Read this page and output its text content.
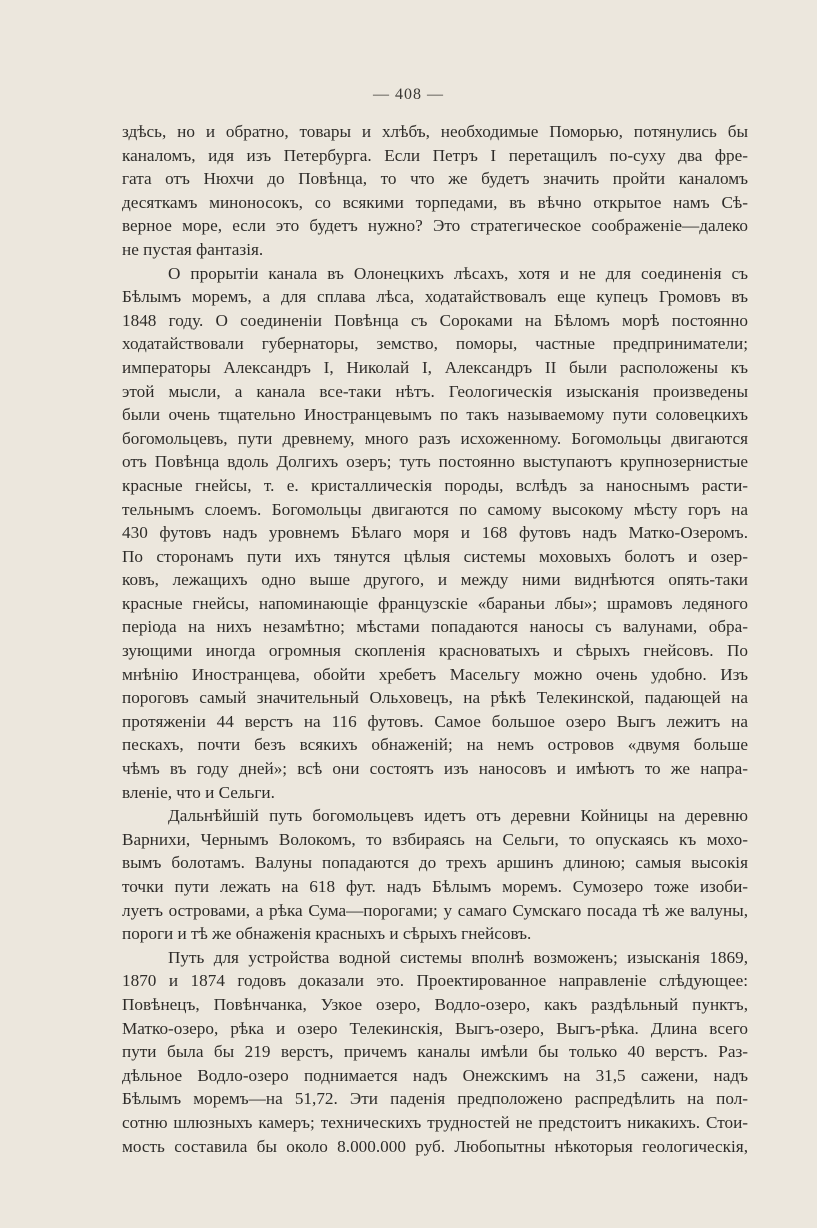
— 408 —
здѣсь, но и обратно, товары и хлѣбъ, необходимые Поморью, потянулись бы
каналомъ, идя изъ Петербурга. Если Петръ I перетащилъ по-суху два фре-
гата отъ Нюхчи до Повѣнца, то что же будетъ значить пройти каналомъ
десяткамъ миноносокъ, со всякими торпедами, въ вѣчно открытое намъ Сѣ-
верное море, если это будетъ нужно? Это стратегическое соображеніе—далеко
не пустая фантазія.
О прорытіи канала въ Олонецкихъ лѣсахъ, хотя и не для соединенія съ
Бѣлымъ моремъ, а для сплава лѣса, ходатайствовалъ еще купецъ Громовъ въ
1848 году. О соединеніи Повѣнца съ Сороками на Бѣломъ морѣ постоянно
ходатайствовали губернаторы, земство, поморы, частные предприниматели;
императоры Александръ I, Николай I, Александръ II были расположены къ
этой мысли, а канала все-таки нѣтъ. Геологическія изысканія произведены
были очень тщательно Иностранцевымъ по такъ называемому пути соловецкихъ
богомольцевъ, пути древнему, много разъ исхоженному. Богомольцы двигаются
отъ Повѣнца вдоль Долгихъ озеръ; туть постоянно выступаютъ крупнозернистые
красные гнейсы, т. е. кристаллическія породы, вслѣдъ за наноснымъ расти-
тельнымъ слоемъ. Богомольцы двигаются по самому высокому мѣсту горъ на
430 футовъ надъ уровнемъ Бѣлаго моря и 168 футовъ надъ Матко-Озеромъ.
По сторонамъ пути ихъ тянутся цѣлыя системы моховыхъ болотъ и озер-
ковъ, лежащихъ одно выше другого, и между ними виднѣются опять-таки
красные гнейсы, напоминающіе французскіе «бараньи лбы»; шрамовъ ледяного
періода на нихъ незамѣтно; мѣстами попадаются наносы съ валунами, обра-
зующими иногда огромныя скопленія красноватыхъ и сѣрыхъ гнейсовъ. По
мнѣнію Иностранцева, обойти хребетъ Масельгу можно очень удобно. Изъ
пороговъ самый значительный Ольховецъ, на рѣкѣ Телекинской, падающей на
протяженіи 44 верстъ на 116 футовъ. Самое большое озеро Выгъ лежитъ на
пескахъ, почти безъ всякихъ обнаженій; на немъ островов «двумя больше
чѣмъ въ году дней»; всѣ они состоятъ изъ наносовъ и имѣютъ то же напра-
вленіе, что и Сельги.
Дальнѣйшій путь богомольцевъ идетъ отъ деревни Койницы на деревню
Варнихи, Чернымъ Волокомъ, то взбираясь на Сельги, то опускаясь къ мохо-
вымъ болотамъ. Валуны попадаются до трехъ аршинъ длиною; самыя высокія
точки пути лежать на 618 фут. надъ Бѣлымъ моремъ. Сумозеро тоже изоби-
луетъ островами, а рѣка Сума—порогами; у самаго Сумскаго посада тѣ же валуны,
пороги и тѣ же обнаженія красныхъ и сѣрыхъ гнейсовъ.
Путь для устройства водной системы вполнѣ возможенъ; изысканія 1869,
1870 и 1874 годовъ доказали это. Проектированное направленіе слѣдующее:
Повѣнецъ, Повѣнчанка, Узкое озеро, Водло-озеро, какъ раздѣльный пунктъ,
Матко-озеро, рѣка и озеро Телекинскія, Выгъ-озеро, Выгъ-рѣка. Длина всего
пути была бы 219 верстъ, причемъ каналы имѣли бы только 40 верстъ. Раз-
дѣльное Водло-озеро поднимается надъ Онежскимъ на 31,5 сажени, надъ
Бѣлымъ моремъ—на 51,72. Эти паденія предположено распредѣлить на пол-
сотню шлюзныхъ камеръ; техническихъ трудностей не предстоитъ никакихъ. Стои-
мость составила бы около 8.000.000 руб. Любопытны нѣкоторыя геологическія,
